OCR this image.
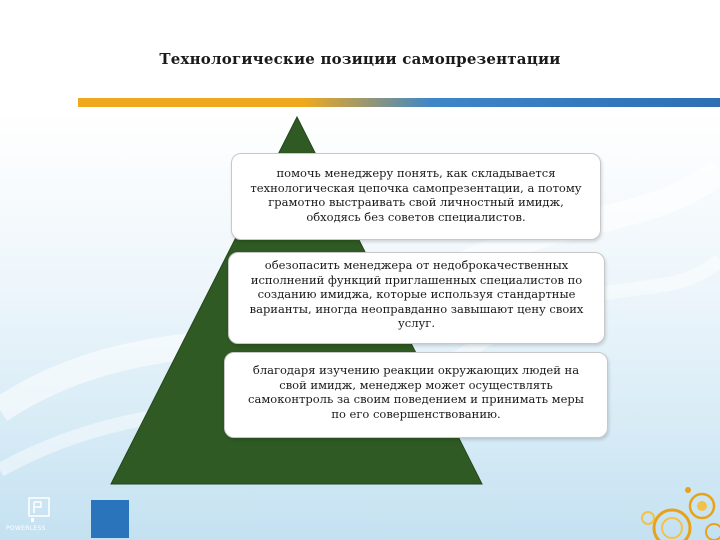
Технологические позиции самопрезентации
помочь менеджеру понять, как складывается
технологическая цепочка самопрезентации, а потому
грамотно выстраивать свой личностный имидж,
обходясь без советов специалистов.
обезопасить менеджера от недоброкачественных
исполнений функций приглашенных специалистов по
созданию имиджа, которые используя стандартные
варианты, иногда неоправданно завышают цену своих
услуг.
благодаря изучению реакции окружающих людей на
свой имидж, менеджер может осуществлять
самоконтроль за своим поведением и принимать меры
по его совершенствованию.
POWERLESS
